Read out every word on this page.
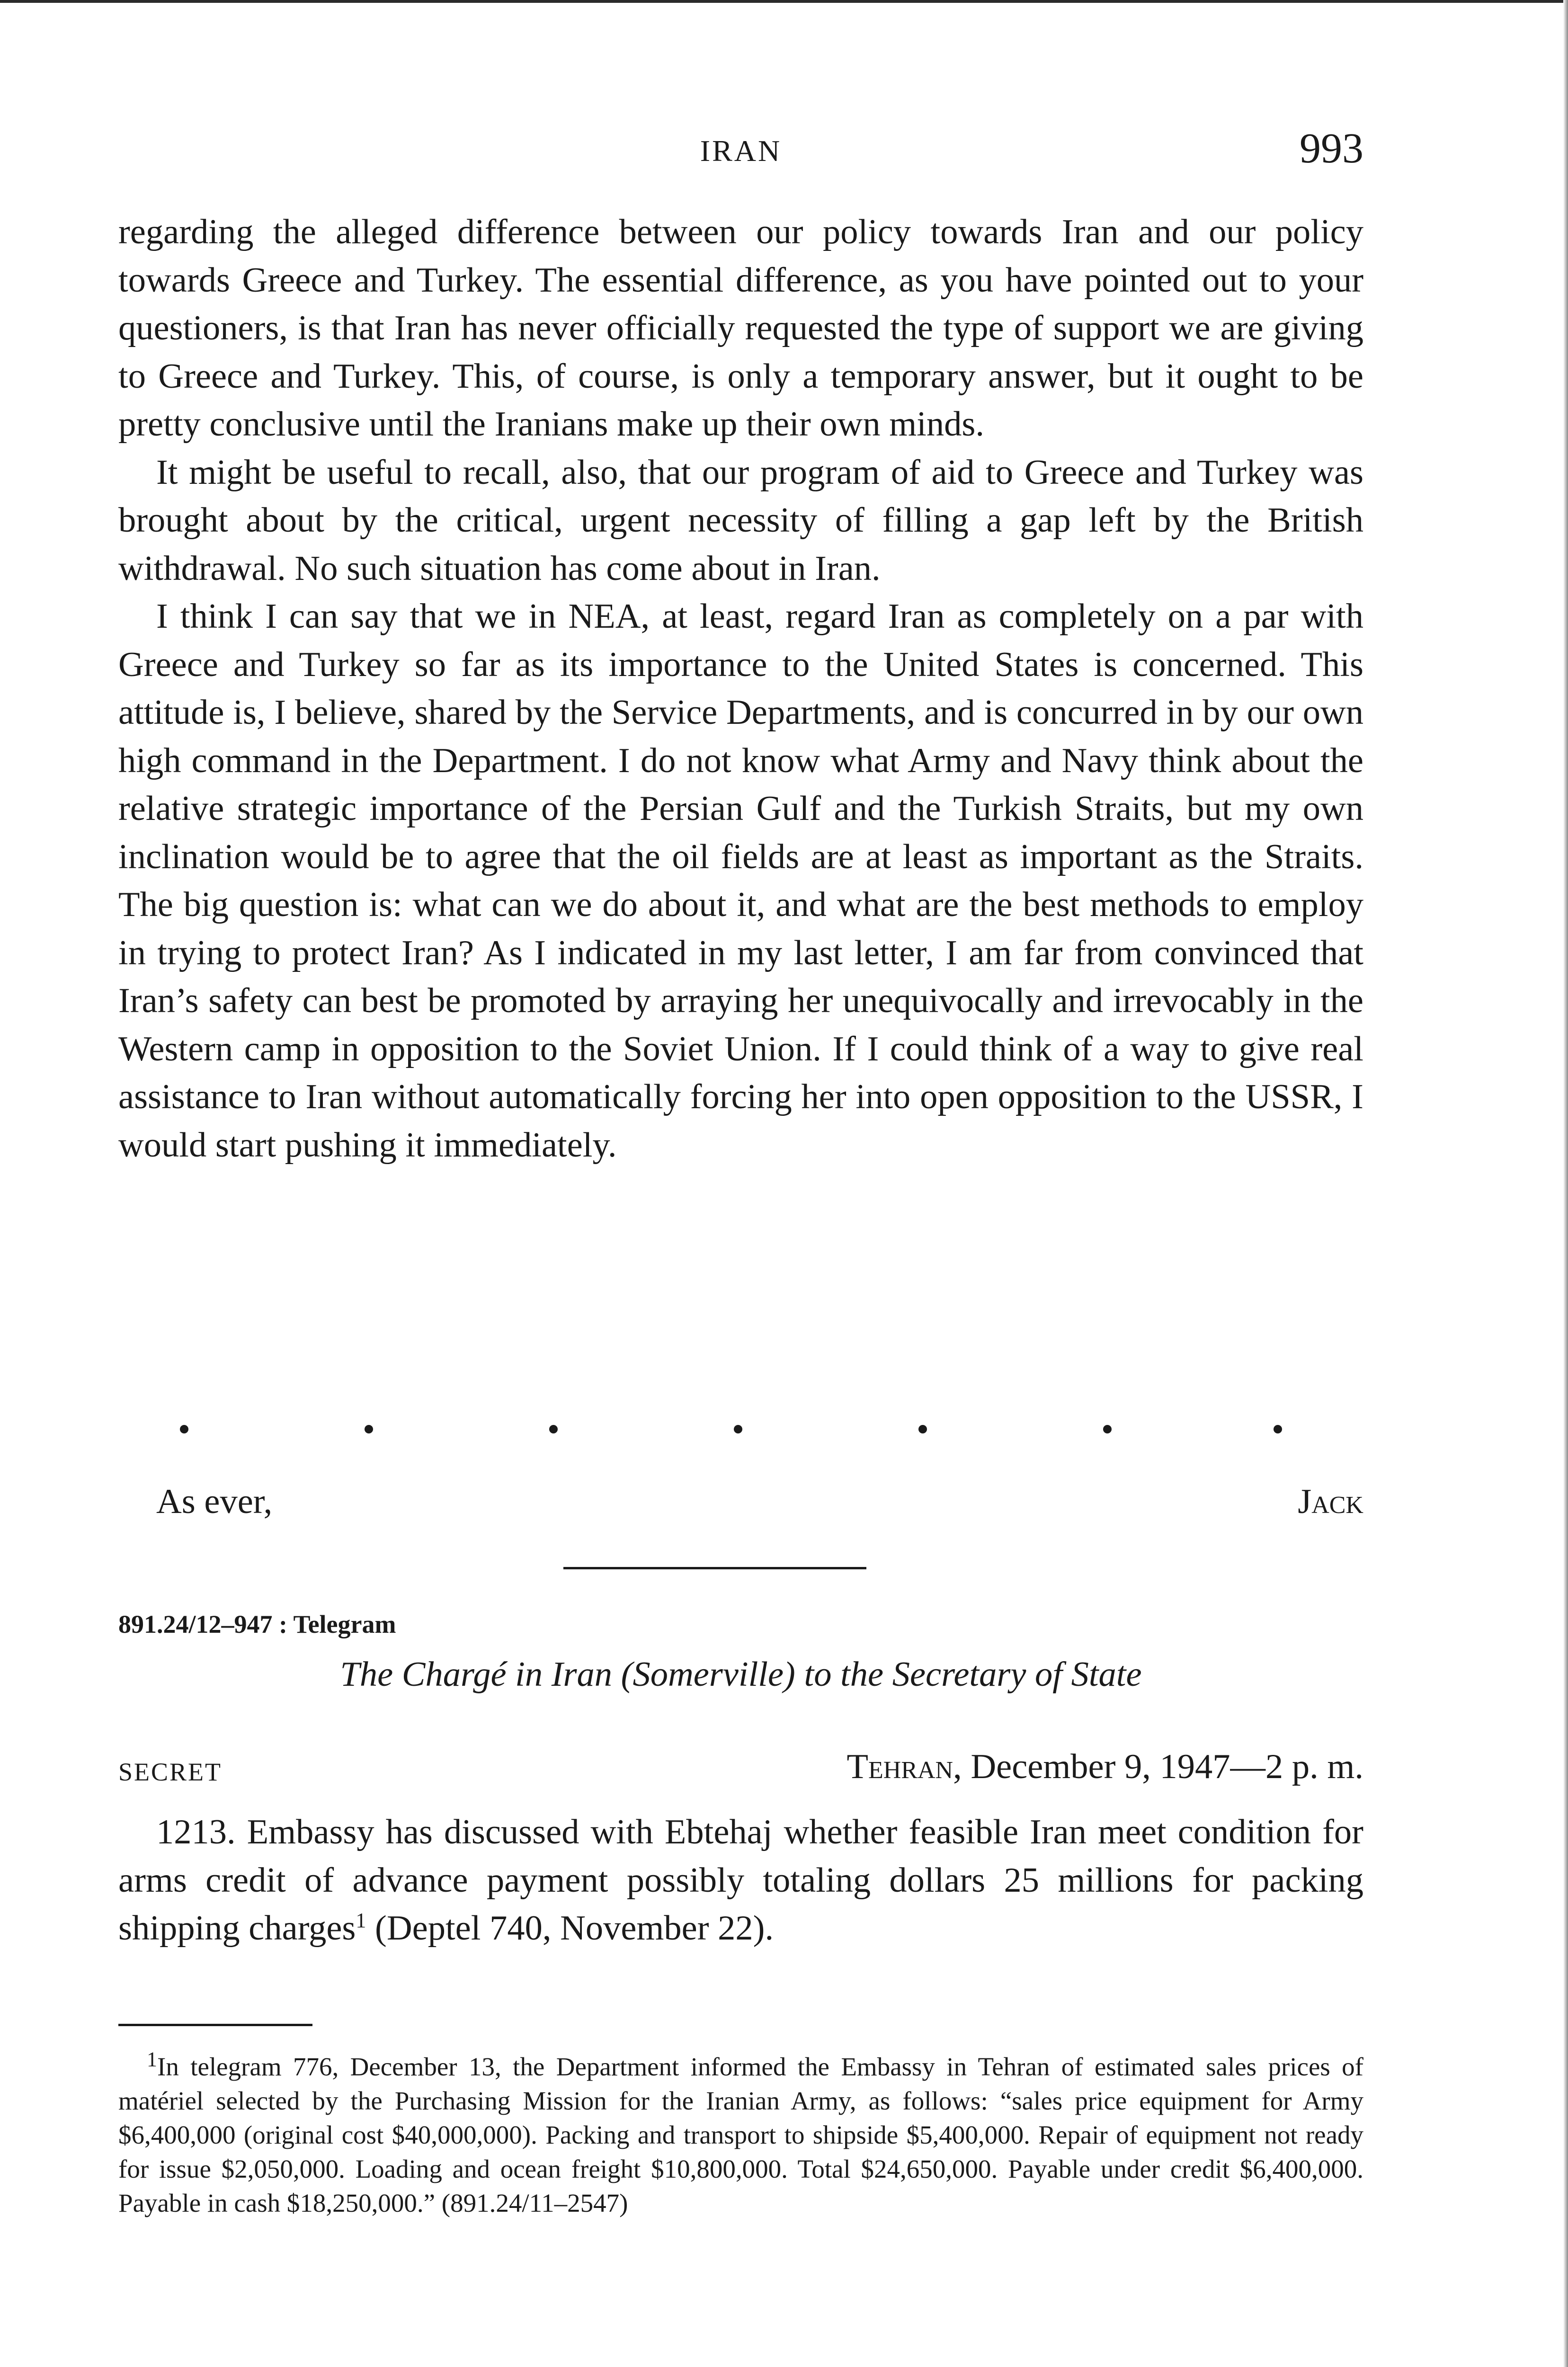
IRAN	993

regarding the alleged difference between our policy towards Iran and our policy towards Greece and Turkey. The essential difference, as you have pointed out to your questioners, is that Iran has never officially requested the type of support we are giving to Greece and Turkey. This, of course, is only a temporary answer, but it ought to be pretty conclusive until the Iranians make up their own minds.

It might be useful to recall, also, that our program of aid to Greece and Turkey was brought about by the critical, urgent necessity of filling a gap left by the British withdrawal. No such situation has come about in Iran.

I think I can say that we in NEA, at least, regard Iran as completely on a par with Greece and Turkey so far as its importance to the United States is concerned. This attitude is, I believe, shared by the Service Departments, and is concurred in by our own high command in the Department. I do not know what Army and Navy think about the relative strategic importance of the Persian Gulf and the Turkish Straits, but my own inclination would be to agree that the oil fields are at least as important as the Straits. The big question is: what can we do about it, and what are the best methods to employ in trying to protect Iran? As I indicated in my last letter, I am far from convinced that Iran’s safety can best be promoted by arraying her unequivocally and irrevocably in the Western camp in opposition to the Soviet Union. If I could think of a way to give real assistance to Iran without automatically forcing her into open opposition to the USSR, I would start pushing it immediately.

As ever,	Jack
891.24/12–947 : Telegram
The Chargé in Iran (Somerville) to the Secretary of State
SECRET	Tehran, December 9, 1947—2 p. m.

1213. Embassy has discussed with Ebtehaj whether feasible Iran meet condition for arms credit of advance payment possibly totaling dollars 25 millions for packing shipping charges$^1$ (Deptel 740, November 22).

$^1$In telegram 776, December 13, the Department informed the Embassy in Tehran of estimated sales prices of matériel selected by the Purchasing Mission for the Iranian Army, as follows: “sales price equipment for Army $6,400,000 (original cost $40,000,000). Packing and transport to shipside $5,400,000. Repair of equipment not ready for issue $2,050,000. Loading and ocean freight $10,800,000. Total $24,650,000. Payable under credit $6,400,000. Payable in cash $18,250,000.” (891.24/11–2547)
